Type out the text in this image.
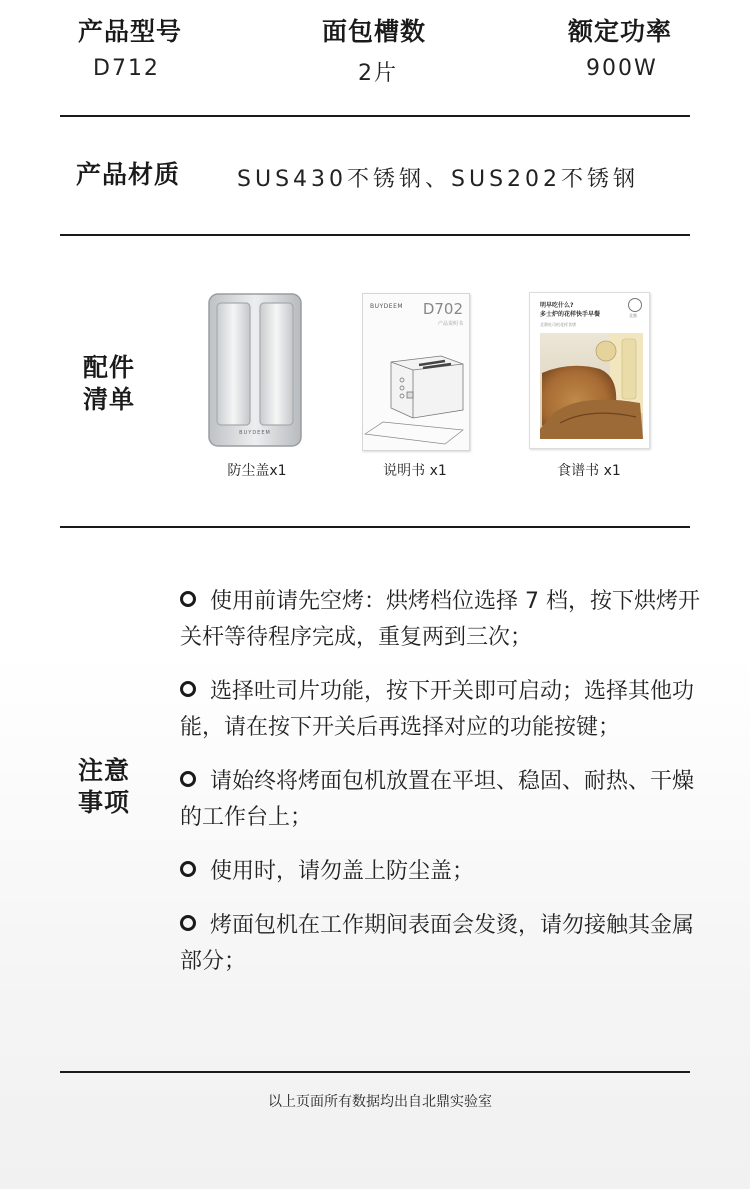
产品型号
D712
面包槽数
2片
额定功率
900W
产品材质	SUS430不锈钢、SUS202不锈钢
配件
清单
BUYDEEM
防尘盖x1
BUYDEEM D702
产品说明书
说明书 x1
明早吃什么?
多士炉的花样快手早餐
北鼎吐司机花样食谱
北鼎
食谱书 x1
注意
事项
使用前请先空烤：烘烤档位选择 7 档，按下烘烤开关杆等待程序完成，重复两到三次；
选择吐司片功能，按下开关即可启动；选择其他功能，请在按下开关后再选择对应的功能按键；
请始终将烤面包机放置在平坦、稳固、耐热、干燥的工作台上；
使用时，请勿盖上防尘盖；
烤面包机在工作期间表面会发烫，请勿接触其金属部分；
以上页面所有数据均出自北鼎实验室
